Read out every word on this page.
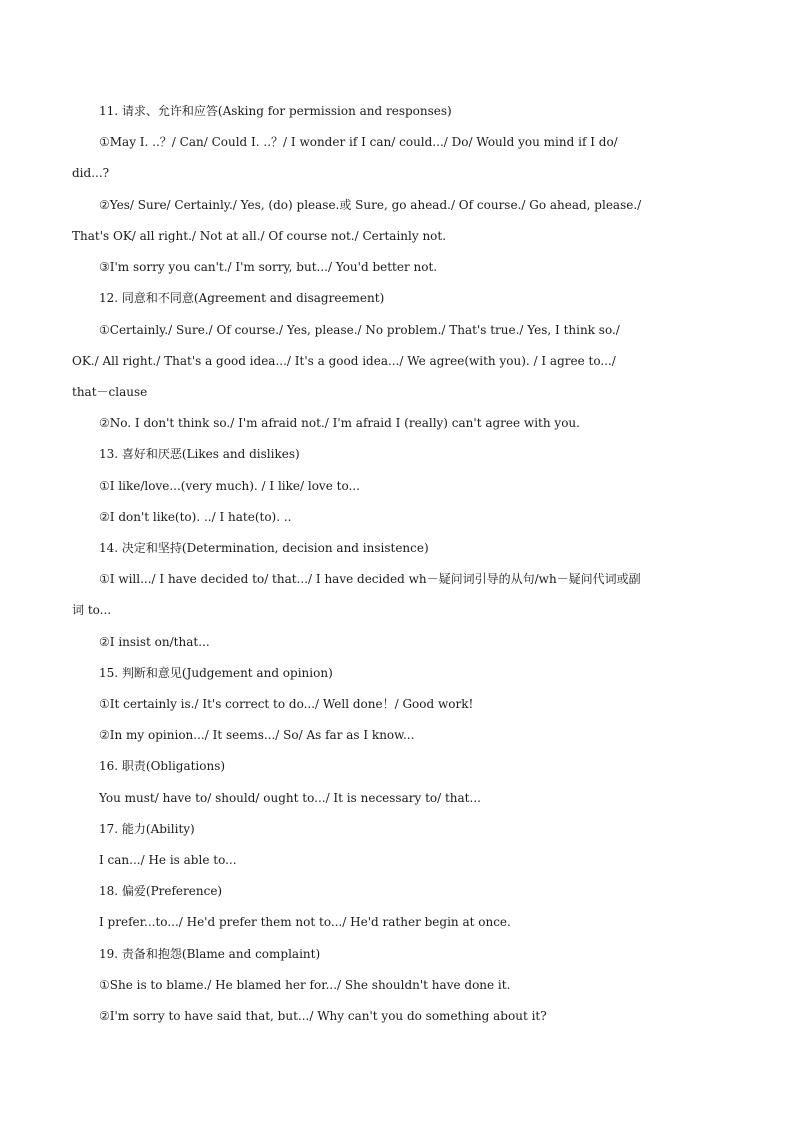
11. 请求、允许和应答(Asking for permission and responses)
①May I. ..？/ Can/ Could I. ..？/ I wonder if I can/ could.../ Do/ Would you mind if I do/
did...?
②Yes/ Sure/ Certainly./ Yes, (do) please.或 Sure, go ahead./ Of course./ Go ahead, please./
That's OK/ all right./ Not at all./ Of course not./ Certainly not.
③I'm sorry you can't./ I'm sorry, but.../ You'd better not.
12. 同意和不同意(Agreement and disagreement)
①Certainly./ Sure./ Of course./ Yes, please./ No problem./ That's true./ Yes, I think so./
OK./ All right./ That's a good idea.../ It's a good idea.../ We agree(with you). / I agree to.../
that－clause
②No. I don't think so./ I'm afraid not./ I'm afraid I (really) can't agree with you.
13. 喜好和厌恶(Likes and dislikes)
①I like/love...(very much). / I like/ love to...
②I don't like(to). ../ I hate(to). ..
14. 决定和坚持(Determination, decision and insistence)
①I will.../ I have decided to/ that.../ I have decided wh－疑问词引导的从句/wh－疑问代词或副
词 to...
②I insist on/that...
15. 判断和意见(Judgement and opinion)
①It certainly is./ It's correct to do.../ Well done！/ Good work!
②In my opinion.../ It seems.../ So/ As far as I know...
16. 职责(Obligations)
You must/ have to/ should/ ought to.../ It is necessary to/ that...
17. 能力(Ability)
I can.../ He is able to...
18. 偏爱(Preference)
I prefer...to.../ He'd prefer them not to.../ He'd rather begin at once.
19. 责备和抱怨(Blame and complaint)
①She is to blame./ He blamed her for.../ She shouldn't have done it.
②I'm sorry to have said that, but.../ Why can't you do something about it?
